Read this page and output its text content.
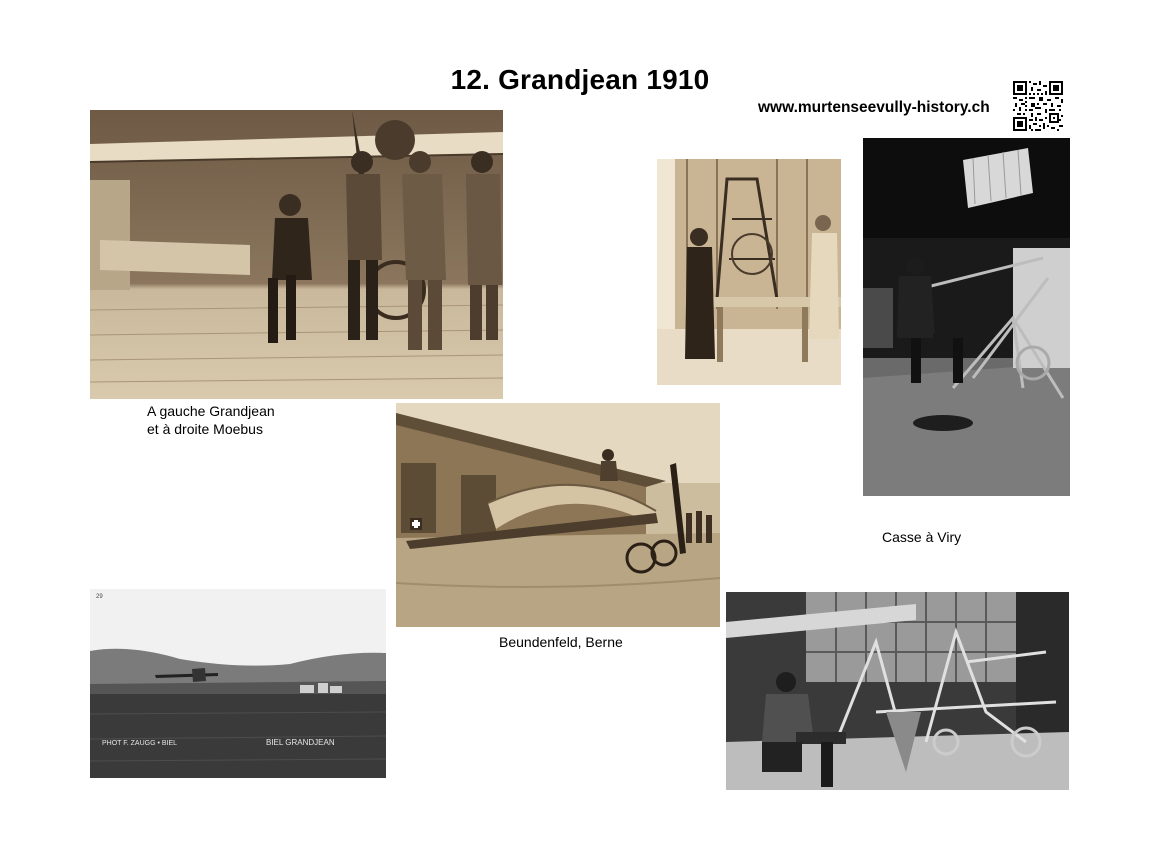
12. Grandjean 1910
www.murtenseevully-history.ch
A gauche Grandjean
et à droite Moebus
Casse à Viry
Beundenfeld, Berne
29
PHOT F. ZAUGG • BIEL	BIEL GRANDJEAN
